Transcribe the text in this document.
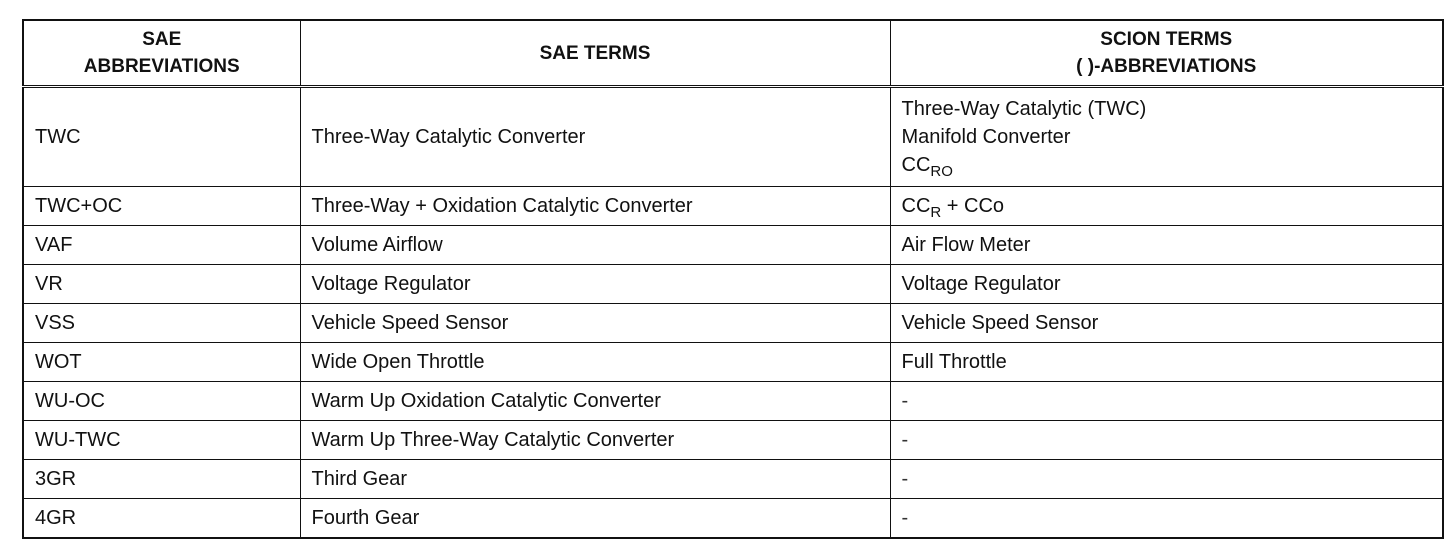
SAE
ABBREVIATIONS	SAE TERMS	SCION TERMS
( )-ABBREVIATIONS

TWC	Three-Way Catalytic Converter	Three-Way Catalytic (TWC)
Manifold Converter
$CC_{RO}$

TWC+OC	Three-Way + Oxidation Catalytic Converter	$CC_R$ + CCo
VAF	Volume Airflow	Air Flow Meter
VR	Voltage Regulator	Voltage Regulator
VSS	Vehicle Speed Sensor	Vehicle Speed Sensor
WOT	Wide Open Throttle	Full Throttle
WU-OC	Warm Up Oxidation Catalytic Converter	-
WU-TWC	Warm Up Three-Way Catalytic Converter	-
3GR	Third Gear	-
4GR	Fourth Gear	-
